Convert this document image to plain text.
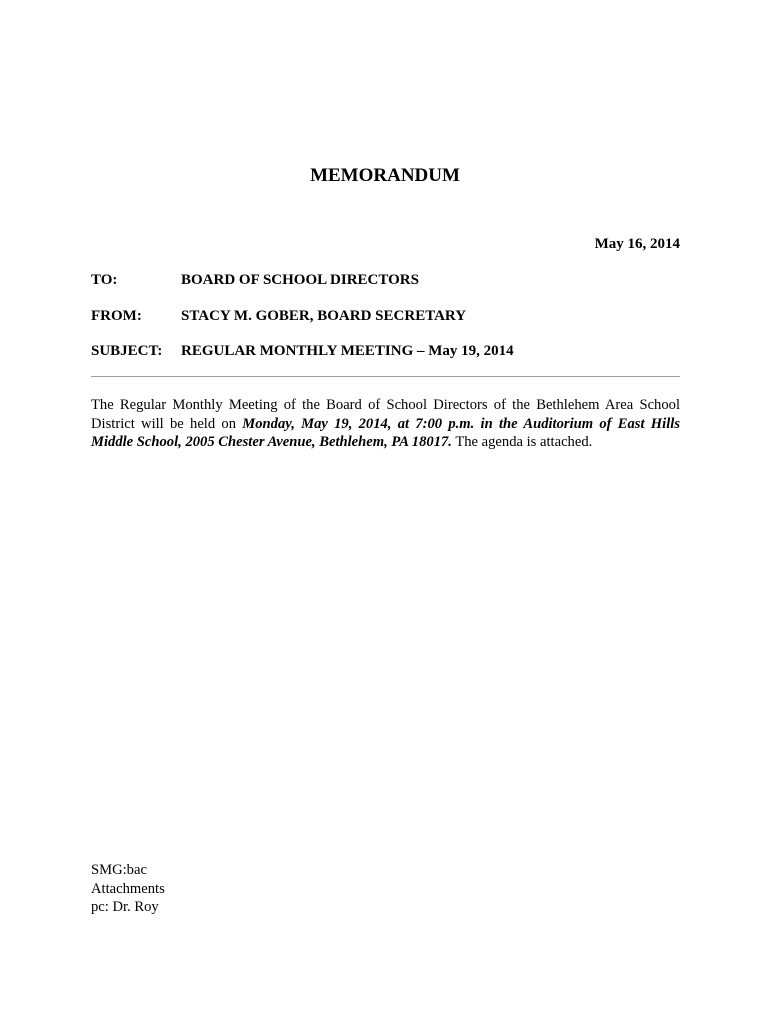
MEMORANDUM
May 16, 2014
TO:	BOARD OF SCHOOL DIRECTORS
FROM:	STACY M. GOBER, BOARD SECRETARY
SUBJECT: REGULAR MONTHLY MEETING – May 19, 2014
The Regular Monthly Meeting of the Board of School Directors of the Bethlehem Area School District will be held on Monday, May 19, 2014, at 7:00 p.m. in the Auditorium of East Hills Middle School, 2005 Chester Avenue, Bethlehem, PA 18017. The agenda is attached.
SMG:bac
Attachments
pc: Dr. Roy
